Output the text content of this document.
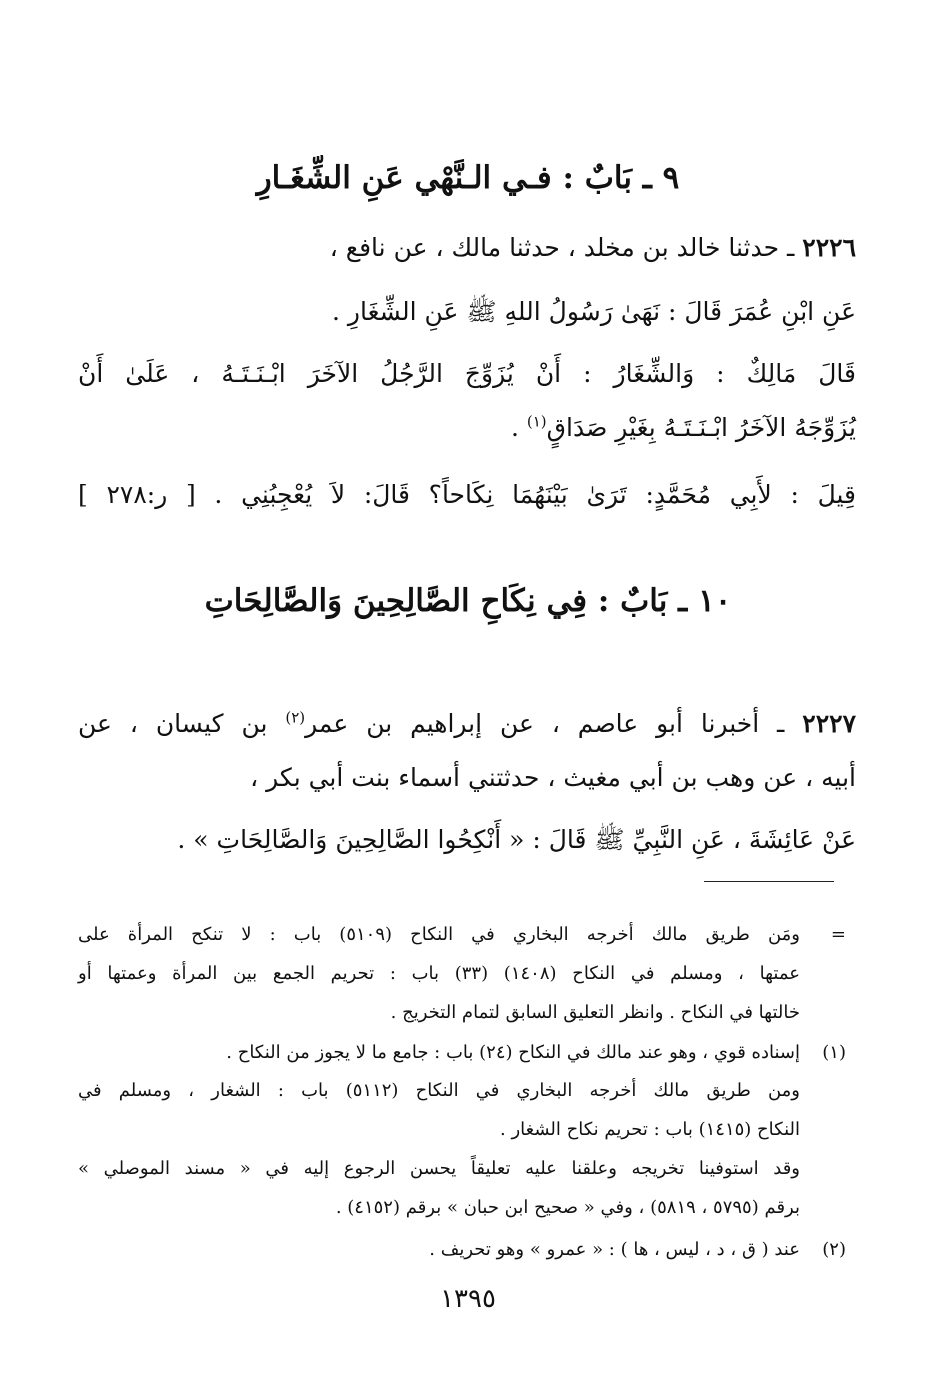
٩ ـ بَابٌ : فـي الـنَّهْي عَنِ الشِّغَـارِ
٢٢٢٦ ـ حدثنا خالد بن مخلد ، حدثنا مالك ، عن نافع ،
عَنِ ابْنِ عُمَرَ قَالَ : نَهَىٰ رَسُولُ اللهِ ﷺ عَنِ الشِّغَارِ .
قَالَ مَالِكٌ : وَالشِّغَارُ : أَنْ يُزَوِّجَ الرَّجُلُ الآخَرَ ابْـنَـتَـهُ ، عَلَىٰ أَنْ
يُزَوِّجَهُ الآخَرُ ابْـنَـتَـهُ بِغَيْرِ صَدَاقٍ$^{(١)}$ .
قِيلَ : لأَبِي مُحَمَّدٍ: تَرَىٰ بَيْنَهُمَا نِكَاحاً؟ قَالَ: لاَ يُعْجِبُنِي . [ ر:٢٧٨ ]
١٠ ـ بَابٌ : فِي نِكَاحِ الصَّالِحِينَ وَالصَّالِحَاتِ
٢٢٢٧ ـ أخبرنا أبو عاصم ، عن إبراهيم بن عمر$^{(٢)}$ بن كيسان ، عن
أبيه ، عن وهب بن أبي مغيث ، حدثتني أسماء بنت أبي بكر ،
عَنْ عَائِشَةَ ، عَنِ النَّبِيِّ ﷺ قَالَ : « أَنْكِحُوا الصَّالِحِينَ وَالصَّالِحَاتِ » .
=
ومَن طريق مالك أخرجه البخاري في النكاح (٥١٠٩) باب : لا تنكح المرأة على
عمتها ، ومسلم في النكاح (١٤٠٨) (٣٣) باب : تحريم الجمع بين المرأة وعمتها أو
خالتها في النكاح . وانظر التعليق السابق لتمام التخريج .
(١)
إسناده قوي ، وهو عند مالك في النكاح (٢٤) باب : جامع ما لا يجوز من النكاح .
ومن طريق مالك أخرجه البخاري في النكاح (٥١١٢) باب : الشغار ، ومسلم في
النكاح (١٤١٥) باب : تحريم نكاح الشغار .
وقد استوفينا تخريجه وعلقنا عليه تعليقاً يحسن الرجوع إليه في « مسند الموصلي »
برقم (٥٧٩٥ ، ٥٨١٩) ، وفي « صحيح ابن حبان » برقم (٤١٥٢) .
(٢)
عند ( ق ، د ، ليس ، ها ) : « عمرو » وهو تحريف .
١٣٩٥
